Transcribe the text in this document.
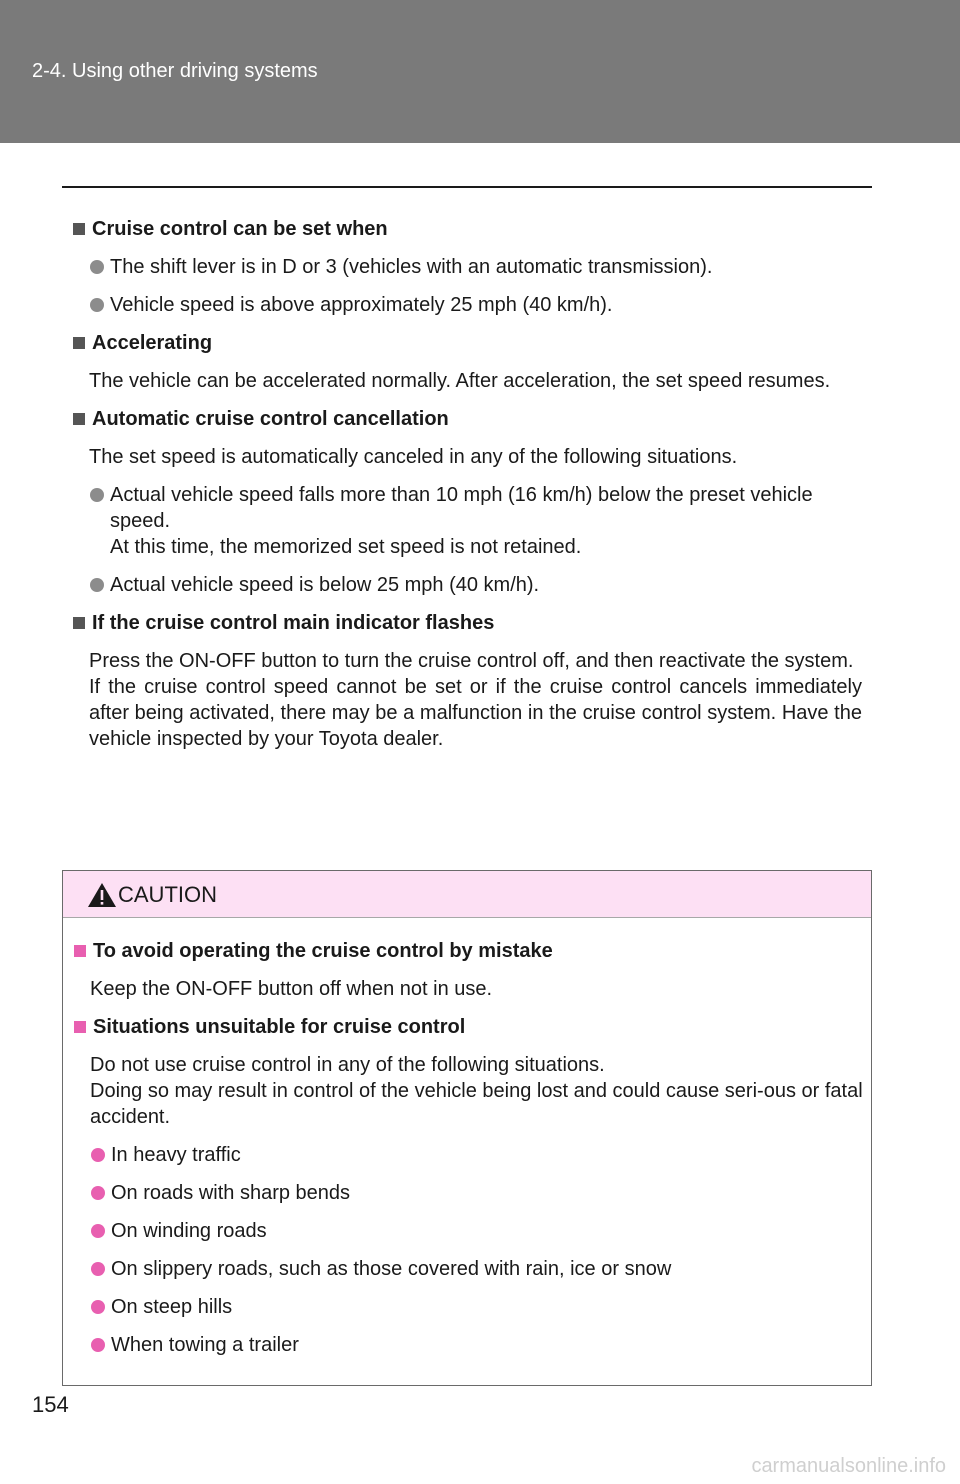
2-4. Using other driving systems
Cruise control can be set when
The shift lever is in D or 3 (vehicles with an automatic transmission).
Vehicle speed is above approximately 25 mph (40 km/h).
Accelerating
The vehicle can be accelerated normally. After acceleration, the set speed resumes.
Automatic cruise control cancellation
The set speed is automatically canceled in any of the following situations.
Actual vehicle speed falls more than 10 mph (16 km/h) below the preset vehicle speed.
At this time, the memorized set speed is not retained.
Actual vehicle speed is below 25 mph (40 km/h).
If the cruise control main indicator flashes
Press the ON-OFF button to turn the cruise control off, and then reactivate the system.
If the cruise control speed cannot be set or if the cruise control cancels immediately after being activated, there may be a malfunction in the cruise control system. Have the vehicle inspected by your Toyota dealer.
CAUTION
To avoid operating the cruise control by mistake
Keep the ON-OFF button off when not in use.
Situations unsuitable for cruise control
Do not use cruise control in any of the following situations.
Doing so may result in control of the vehicle being lost and could cause seri-ous or fatal accident.
In heavy traffic
On roads with sharp bends
On winding roads
On slippery roads, such as those covered with rain, ice or snow
On steep hills
When towing a trailer
154
carmanualsonline.info
